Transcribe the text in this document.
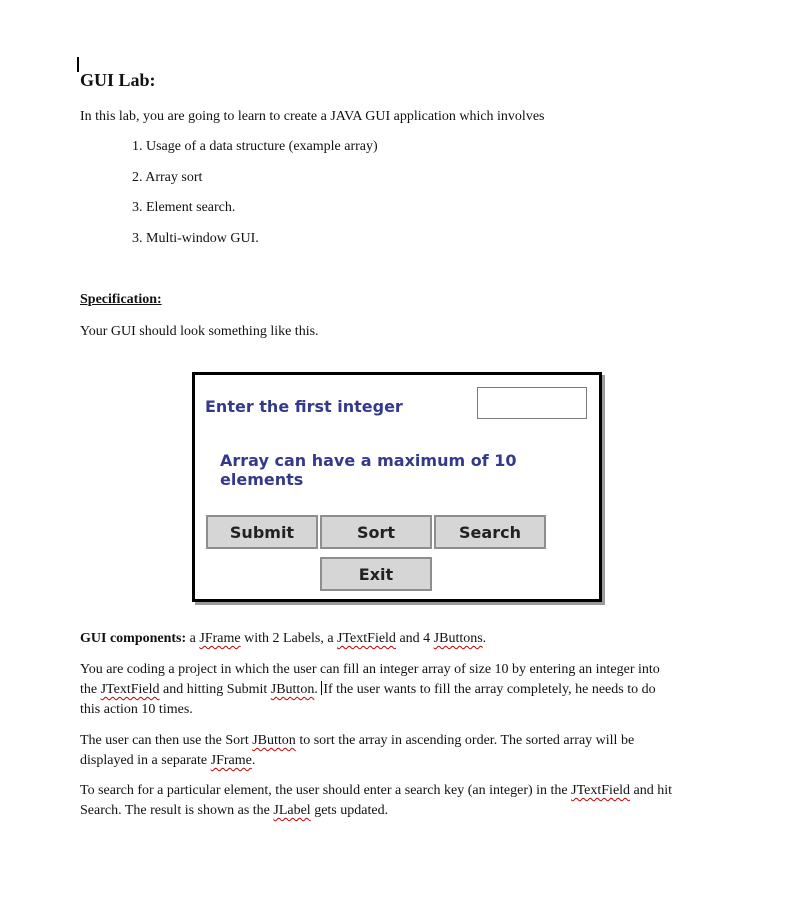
GUI Lab:
In this lab, you are going to learn to create a JAVA GUI application which involves
1. Usage of a data structure (example array)
2. Array sort
3. Element search.
3. Multi-window GUI.
Specification:
Your GUI should look something like this.
Enter the first integer
Array can have a maximum of 10 elements
Submit	Sort	Search
Exit
GUI components: a JFrame with 2 Labels, a JTextField and 4 JButtons.
You are coding a project in which the user can fill an integer array of size 10 by entering an integer into
the JTextField and hitting Submit JButton. If the user wants to fill the array completely, he needs to do
this action 10 times.
The user can then use the Sort JButton to sort the array in ascending order. The sorted array will be
displayed in a separate JFrame.
To search for a particular element, the user should enter a search key (an integer) in the JTextField and hit
Search. The result is shown as the JLabel gets updated.
